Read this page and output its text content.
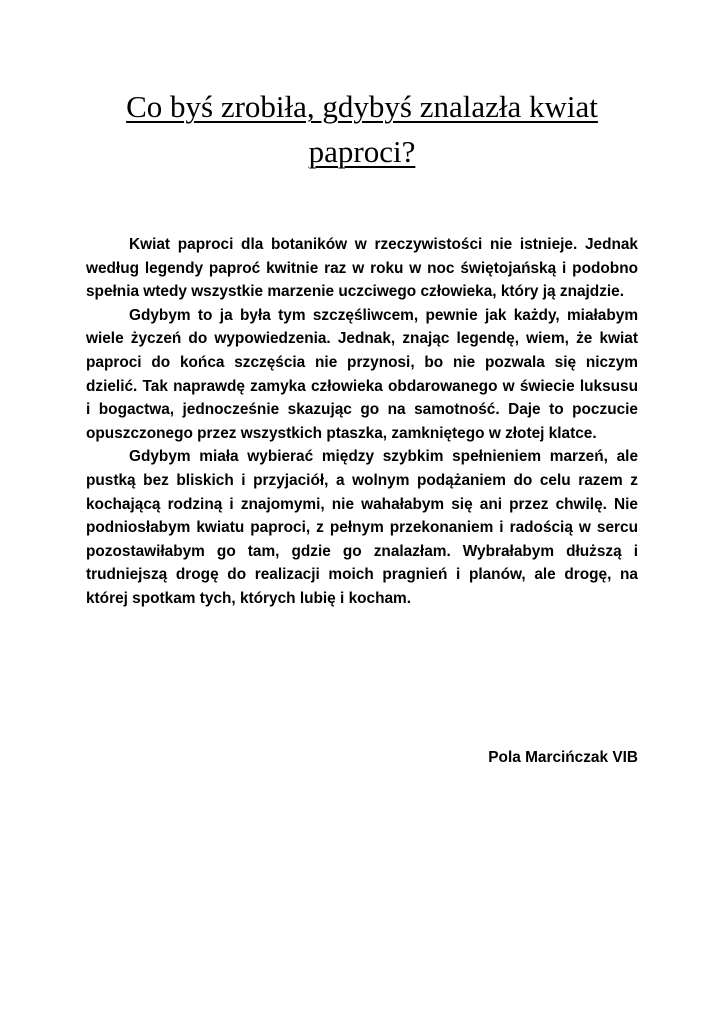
Co byś zrobiła, gdybyś znalazła kwiat paproci?

Kwiat paproci dla botaników w rzeczywistości nie istnieje. Jednak według legendy paproć kwitnie raz w roku w noc świętojańską i podobno spełnia wtedy wszystkie marzenie uczciwego człowieka, który ją znajdzie.

Gdybym to ja była tym szczęśliwcem, pewnie jak każdy, miałabym wiele życzeń do wypowiedzenia. Jednak, znając legendę, wiem, że kwiat paproci do końca szczęścia nie przynosi, bo nie pozwala się niczym dzielić. Tak naprawdę zamyka człowieka obdarowanego w świecie luksusu i bogactwa, jednocześnie skazując go na samotność. Daje to poczucie opuszczonego przez wszystkich ptaszka, zamkniętego w złotej klatce.

Gdybym miała wybierać między szybkim spełnieniem marzeń, ale pustką bez bliskich i przyjaciół, a wolnym podążaniem do celu razem z kochającą rodziną i znajomymi, nie wahałabym się ani przez chwilę. Nie podniosłabym kwiatu paproci, z pełnym przekonaniem i radością w sercu pozostawiłabym go tam, gdzie go znalazłam. Wybrałabym dłuższą i trudniejszą drogę do realizacji moich pragnień i planów, ale drogę, na której spotkam tych, których lubię i kocham.

Pola Marcińczak VIB
